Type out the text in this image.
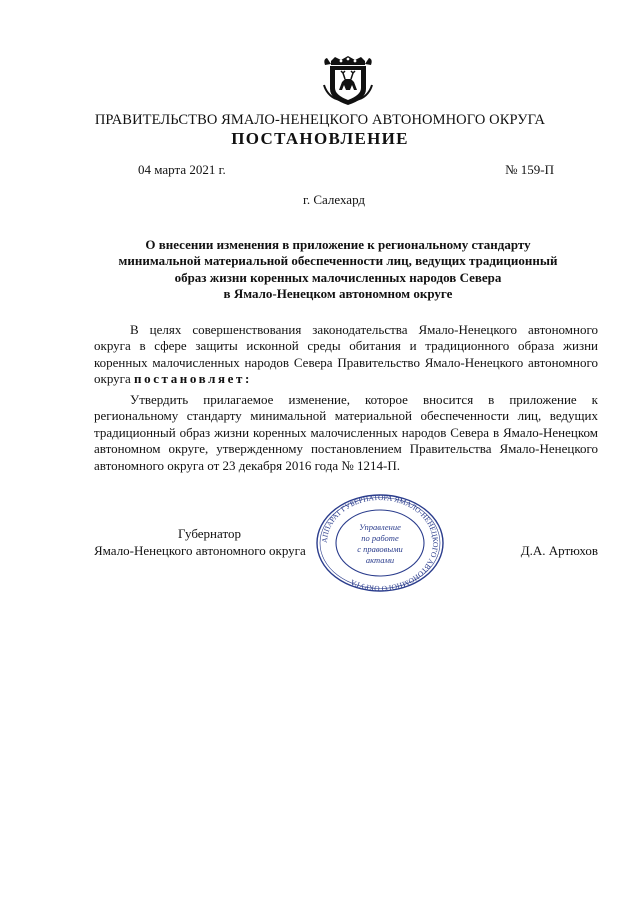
ПРАВИТЕЛЬСТВО ЯМАЛО-НЕНЕЦКОГО АВТОНОМНОГО ОКРУГА
ПОСТАНОВЛЕНИЕ
04 марта 2021 г.	№ 159-П
г. Салехард
О внесении изменения в приложение к региональному стандарту
минимальной материальной обеспеченности лиц, ведущих традиционный
образ жизни коренных малочисленных народов Севера
в Ямало-Ненецком автономном округе

В целях совершенствования законодательства Ямало-Ненецкого автономного округа в сфере защиты исконной среды обитания и традиционного образа жизни коренных малочисленных народов Севера Правительство Ямало-Ненецкого автономного округа постановляет:

Утвердить прилагаемое изменение, которое вносится в приложение к региональному стандарту минимальной материальной обеспеченности лиц, ведущих традиционный образ жизни коренных малочисленных народов Севера в Ямало-Ненецком автономном округе, утвержденному постановлением Правительства Ямало-Ненецкого автономного округа от 23 декабря 2016 года № 1214-П.

Губернатор
Ямало-Ненецкого автономного округа	Д.А. Артюхов
АППАРАТ ГУБЕРНАТОРА ЯМАЛО-НЕНЕЦКОГО АВТОНОМНОГО ОКРУГА
Управление
по работе
с правовыми
актами
